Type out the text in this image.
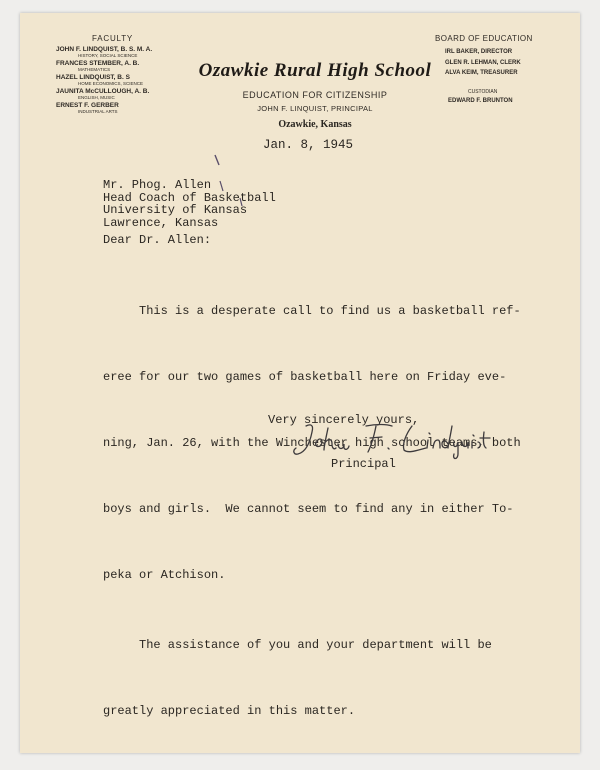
FACULTY
JOHN F. LINDQUIST, B. S. M. A.
HISTORY, SOCIAL SCIENCE
FRANCES STEMBER, A. B.
MATHEMATICS
HAZEL LINDQUIST, B. S
HOME ECONOMICS, SCIENCE
JAUNITA McCULLOUGH, A. B.
ENGLISH, MUSIC
ERNEST F. GERBER
INDUSTRIAL ARTS
Ozawkie Rural High School
EDUCATION FOR CITIZENSHIP
JOHN F. LINQUIST, PRINCIPAL
Ozawkie, Kansas
BOARD OF EDUCATION
IRL BAKER, DIRECTOR
GLEN R. LEHMAN, CLERK
ALVA KEIM, TREASURER
CUSTODIAN
EDWARD F. BRUNTON
Jan. 8, 1945
Mr. Phog. Allen
Head Coach of Basketball
University of Kansas
Lawrence, Kansas
Dear Dr. Allen:

This is a desperate call to find us a basketball ref-

eree for our two games of basketball here on Friday eve-

ning, Jan. 26, with the Winchester high school teams, both

boys and girls.  We cannot seem to find any in either To-

peka or Atchison.

The assistance of you and your department will be

greatly appreciated in this matter.

Very sincerely yours,
Principal
